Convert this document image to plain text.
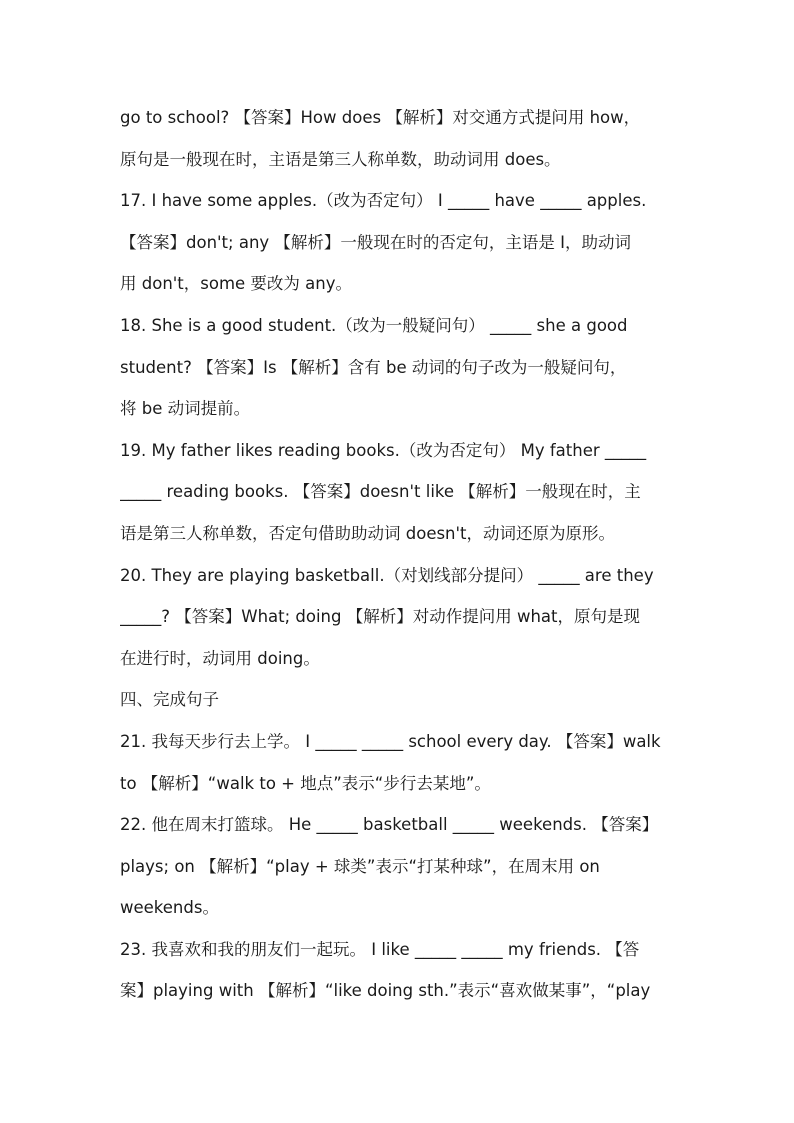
go to school? 【答案】How does 【解析】对交通方式提问用 how，
原句是一般现在时，主语是第三人称单数，助动词用 does。
17. I have some apples.（改为否定句） I _____ have _____ apples.
【答案】don't; any 【解析】一般现在时的否定句，主语是 I，助动词
用 don't，some 要改为 any。
18. She is a good student.（改为一般疑问句） _____ she a good
student? 【答案】Is 【解析】含有 be 动词的句子改为一般疑问句，
将 be 动词提前。
19. My father likes reading books.（改为否定句） My father _____
_____ reading books. 【答案】doesn't like 【解析】一般现在时，主
语是第三人称单数，否定句借助助动词 doesn't，动词还原为原形。
20. They are playing basketball.（对划线部分提问） _____ are they
_____? 【答案】What; doing 【解析】对动作提问用 what，原句是现
在进行时，动词用 doing。
四、完成句子
21. 我每天步行去上学。 I _____ _____ school every day. 【答案】walk
to 【解析】“walk to + 地点”表示“步行去某地”。
22. 他在周末打篮球。 He _____ basketball _____ weekends. 【答案】
plays; on 【解析】“play + 球类”表示“打某种球”，在周末用 on
weekends。
23. 我喜欢和我的朋友们一起玩。 I like _____ _____ my friends. 【答
案】playing with 【解析】“like doing sth.”表示“喜欢做某事”，“play
